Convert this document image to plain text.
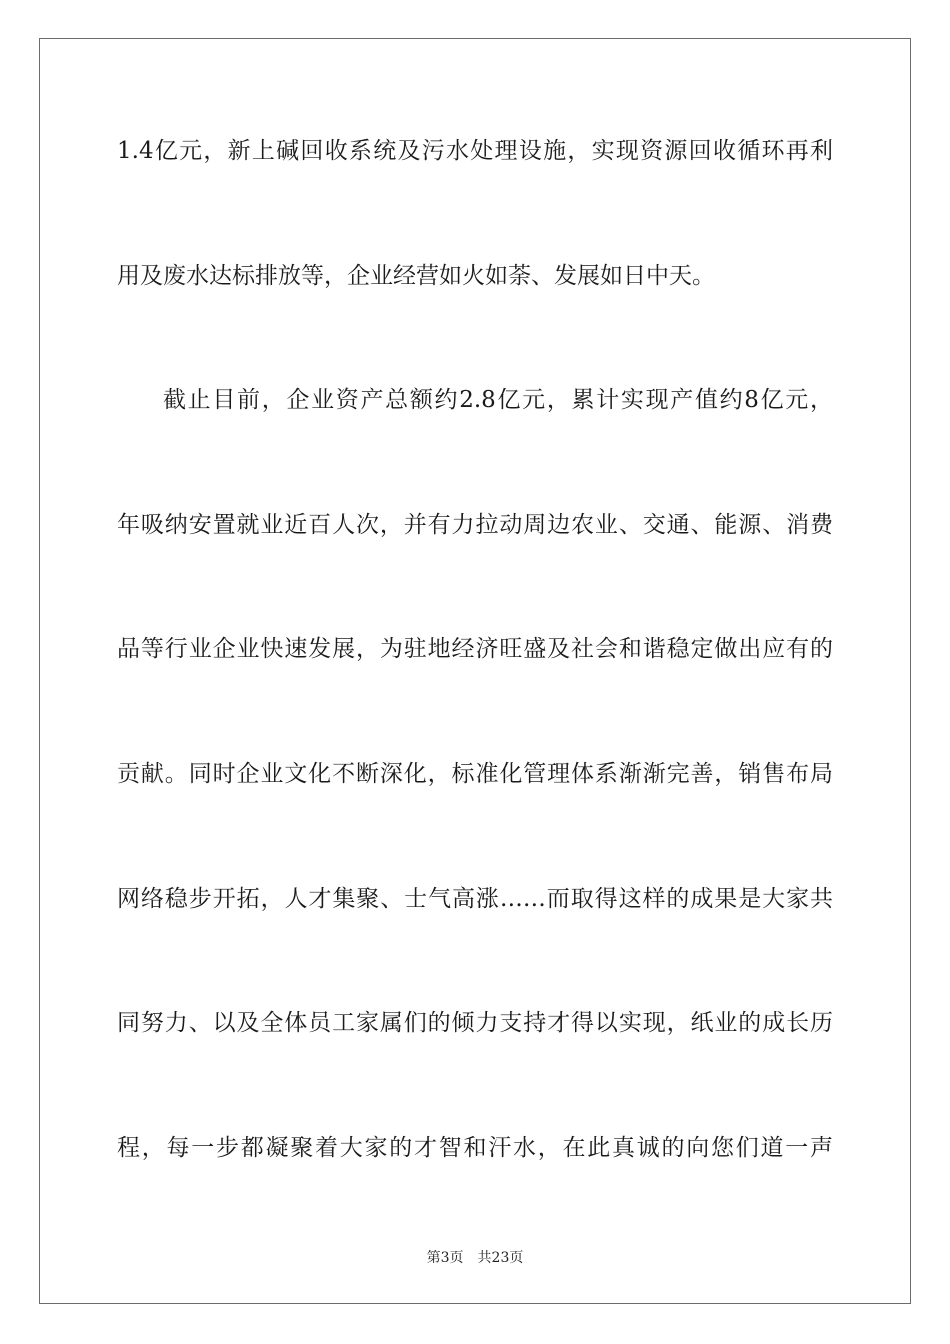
1.4亿元，新上碱回收系统及污水处理设施，实现资源回收循环再利
用及废水达标排放等，企业经营如火如荼、发展如日中天。
截止目前，企业资产总额约2.8亿元，累计实现产值约8亿元，
年吸纳安置就业近百人次，并有力拉动周边农业、交通、能源、消费
品等行业企业快速发展，为驻地经济旺盛及社会和谐稳定做出应有的
贡献。同时企业文化不断深化，标准化管理体系渐渐完善，销售布局
网络稳步开拓，人才集聚、士气高涨……而取得这样的成果是大家共
同努力、以及全体员工家属们的倾力支持才得以实现，纸业的成长历
程，每一步都凝聚着大家的才智和汗水，在此真诚的向您们道一声
第3页 共23页
